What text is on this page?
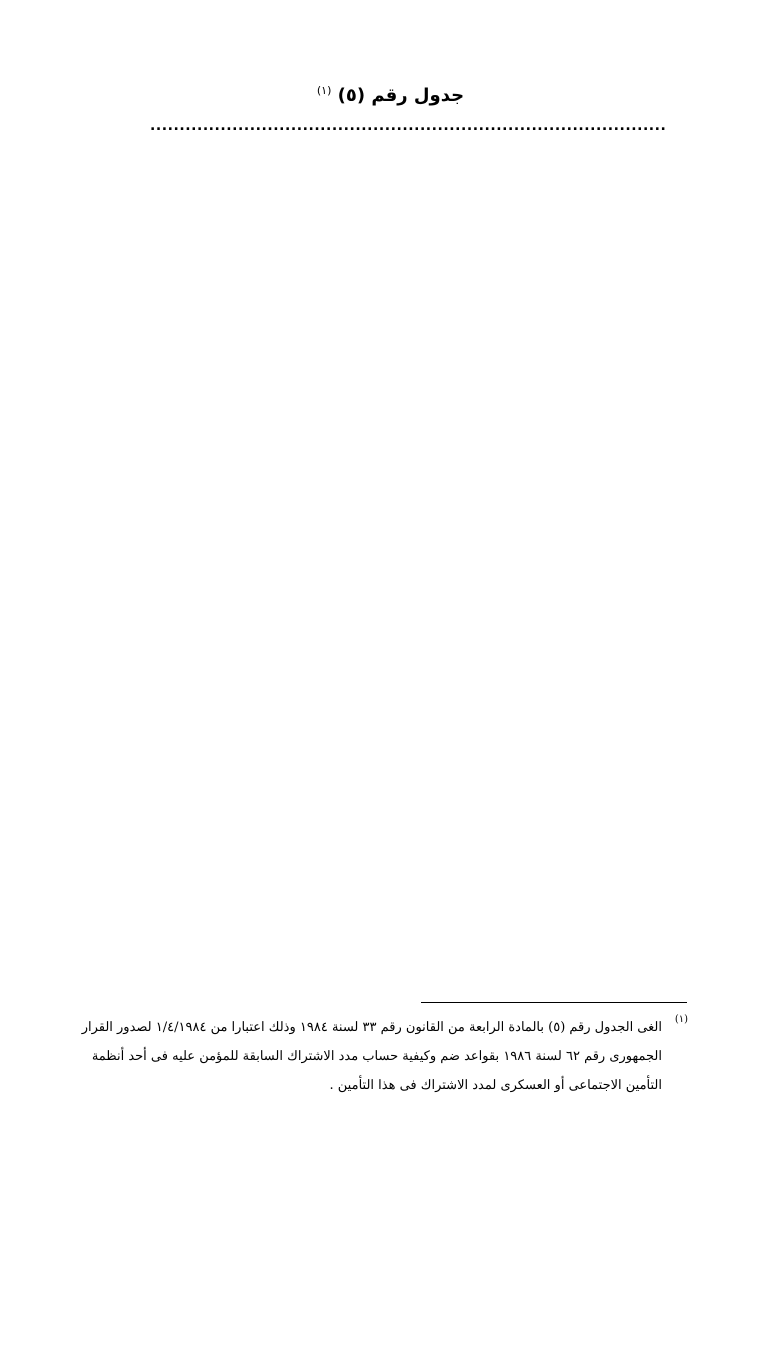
جدول رقم (٥) $^{(١)}$
........................................................................................
(١)
الغى الجدول رقم (٥) بالمادة الرابعة من القانون رقم ٣٣ لسنة ١٩٨٤ وذلك اعتبارا من ١/٤/١٩٨٤ لصدور القرار
الجمهورى رقم ٦٢ لسنة ١٩٨٦ بقواعد ضم وكيفية حساب مدد الاشتراك السابقة للمؤمن عليه فى أحد أنظمة
التأمين الاجتماعى أو العسكرى لمدد الاشتراك فى هذا التأمين .
